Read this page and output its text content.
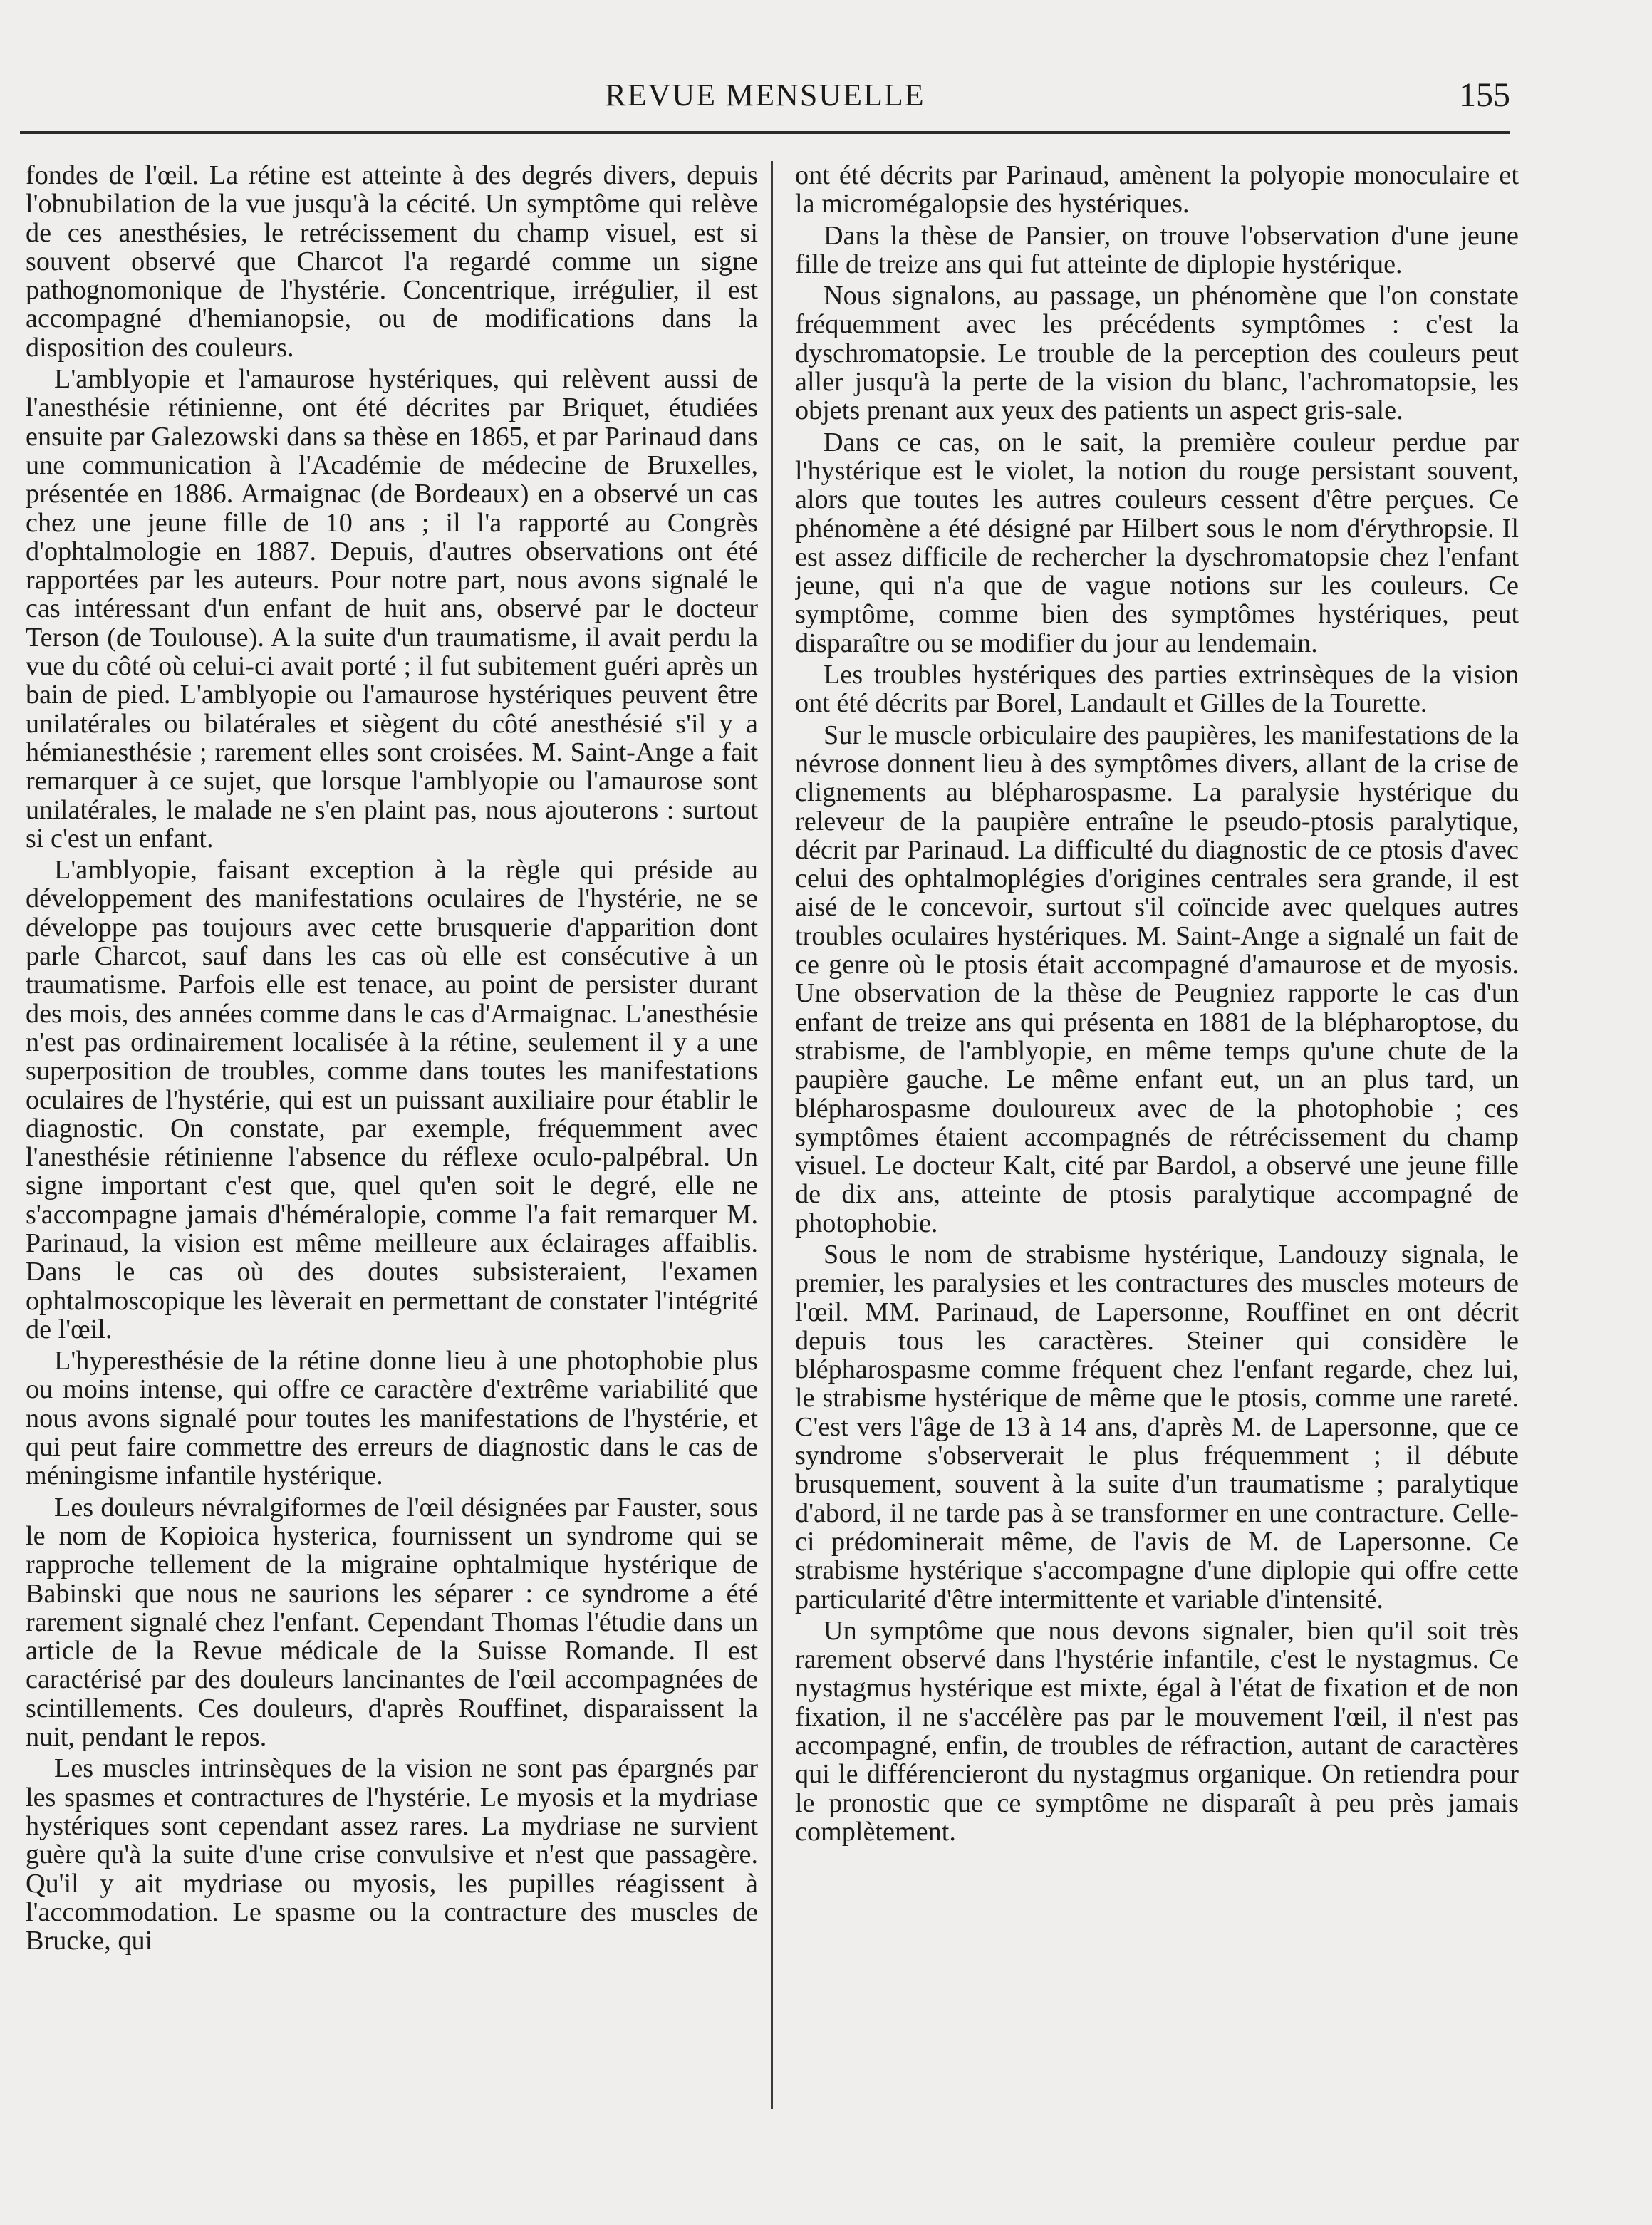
REVUE MENSUELLE	155

fondes de l'œil. La rétine est atteinte à des degrés divers, depuis l'obnubilation de la vue jusqu'à la cécité. Un symptôme qui relève de ces anesthésies, le retrécissement du champ visuel, est si souvent observé que Charcot l'a regardé comme un signe pathognomonique de l'hystérie. Concentrique, irrégulier, il est accompagné d'hemianopsie, ou de modifications dans la disposition des couleurs.

L'amblyopie et l'amaurose hystériques, qui relèvent aussi de l'anesthésie rétinienne, ont été décrites par Briquet, étudiées ensuite par Galezowski dans sa thèse en 1865, et par Parinaud dans une communication à l'Académie de médecine de Bruxelles, présentée en 1886. Armaignac (de Bordeaux) en a observé un cas chez une jeune fille de 10 ans ; il l'a rapporté au Congrès d'ophtalmologie en 1887. Depuis, d'autres observations ont été rapportées par les auteurs. Pour notre part, nous avons signalé le cas intéressant d'un enfant de huit ans, observé par le docteur Terson (de Toulouse). A la suite d'un traumatisme, il avait perdu la vue du côté où celui-ci avait porté ; il fut subitement guéri après un bain de pied. L'amblyopie ou l'amaurose hystériques peuvent être unilatérales ou bilatérales et siègent du côté anesthésié s'il y a hémianesthésie ; rarement elles sont croisées. M. Saint-Ange a fait remarquer à ce sujet, que lorsque l'amblyopie ou l'amaurose sont unilatérales, le malade ne s'en plaint pas, nous ajouterons : surtout si c'est un enfant.

L'amblyopie, faisant exception à la règle qui préside au développement des manifestations oculaires de l'hystérie, ne se développe pas toujours avec cette brusquerie d'apparition dont parle Charcot, sauf dans les cas où elle est consécutive à un traumatisme. Parfois elle est tenace, au point de persister durant des mois, des années comme dans le cas d'Armaignac. L'anesthésie n'est pas ordinairement localisée à la rétine, seulement il y a une superposition de troubles, comme dans toutes les manifestations oculaires de l'hystérie, qui est un puissant auxiliaire pour établir le diagnostic. On constate, par exemple, fréquemment avec l'anesthésie rétinienne l'absence du réflexe oculo-palpébral. Un signe important c'est que, quel qu'en soit le degré, elle ne s'accompagne jamais d'héméralopie, comme l'a fait remarquer M. Parinaud, la vision est même meilleure aux éclairages affaiblis. Dans le cas où des doutes subsisteraient, l'examen ophtalmoscopique les lèverait en permettant de constater l'intégrité de l'œil.

L'hyperesthésie de la rétine donne lieu à une photophobie plus ou moins intense, qui offre ce caractère d'extrême variabilité que nous avons signalé pour toutes les manifestations de l'hystérie, et qui peut faire commettre des erreurs de diagnostic dans le cas de méningisme infantile hystérique.

Les douleurs névralgiformes de l'œil désignées par Fauster, sous le nom de Kopioica hysterica, fournissent un syndrome qui se rapproche tellement de la migraine ophtalmique hystérique de Babinski que nous ne saurions les séparer : ce syndrome a été rarement signalé chez l'enfant. Cependant Thomas l'étudie dans un article de la Revue médicale de la Suisse Romande. Il est caractérisé par des douleurs lancinantes de l'œil accompagnées de scintillements. Ces douleurs, d'après Rouffinet, disparaissent la nuit, pendant le repos.

Les muscles intrinsèques de la vision ne sont pas épargnés par les spasmes et contractures de l'hystérie. Le myosis et la mydriase hystériques sont cependant assez rares. La mydriase ne survient guère qu'à la suite d'une crise convulsive et n'est que passagère. Qu'il y ait mydriase ou myosis, les pupilles réagissent à l'accommodation. Le spasme ou la contracture des muscles de Brucke, qui

ont été décrits par Parinaud, amènent la polyopie monoculaire et la micromégalopsie des hystériques.

Dans la thèse de Pansier, on trouve l'observation d'une jeune fille de treize ans qui fut atteinte de diplopie hystérique.

Nous signalons, au passage, un phénomène que l'on constate fréquemment avec les précédents symptômes : c'est la dyschromatopsie. Le trouble de la perception des couleurs peut aller jusqu'à la perte de la vision du blanc, l'achromatopsie, les objets prenant aux yeux des patients un aspect gris-sale.

Dans ce cas, on le sait, la première couleur perdue par l'hystérique est le violet, la notion du rouge persistant souvent, alors que toutes les autres couleurs cessent d'être perçues. Ce phénomène a été désigné par Hilbert sous le nom d'érythropsie. Il est assez difficile de rechercher la dyschromatopsie chez l'enfant jeune, qui n'a que de vague notions sur les couleurs. Ce symptôme, comme bien des symptômes hystériques, peut disparaître ou se modifier du jour au lendemain.

Les troubles hystériques des parties extrinsèques de la vision ont été décrits par Borel, Landault et Gilles de la Tourette.

Sur le muscle orbiculaire des paupières, les manifestations de la névrose donnent lieu à des symptômes divers, allant de la crise de clignements au blépharospasme. La paralysie hystérique du releveur de la paupière entraîne le pseudo-ptosis paralytique, décrit par Parinaud. La difficulté du diagnostic de ce ptosis d'avec celui des ophtalmoplégies d'origines centrales sera grande, il est aisé de le concevoir, surtout s'il coïncide avec quelques autres troubles oculaires hystériques. M. Saint-Ange a signalé un fait de ce genre où le ptosis était accompagné d'amaurose et de myosis. Une observation de la thèse de Peugniez rapporte le cas d'un enfant de treize ans qui présenta en 1881 de la blépharoptose, du strabisme, de l'amblyopie, en même temps qu'une chute de la paupière gauche. Le même enfant eut, un an plus tard, un blépharospasme douloureux avec de la photophobie ; ces symptômes étaient accompagnés de rétrécissement du champ visuel. Le docteur Kalt, cité par Bardol, a observé une jeune fille de dix ans, atteinte de ptosis paralytique accompagné de photophobie.

Sous le nom de strabisme hystérique, Landouzy signala, le premier, les paralysies et les contractures des muscles moteurs de l'œil. MM. Parinaud, de Lapersonne, Rouffinet en ont décrit depuis tous les caractères. Steiner qui considère le blépharospasme comme fréquent chez l'enfant regarde, chez lui, le strabisme hystérique de même que le ptosis, comme une rareté. C'est vers l'âge de 13 à 14 ans, d'après M. de Lapersonne, que ce syndrome s'observerait le plus fréquemment ; il débute brusquement, souvent à la suite d'un traumatisme ; paralytique d'abord, il ne tarde pas à se transformer en une contracture. Celle-ci prédominerait même, de l'avis de M. de Lapersonne. Ce strabisme hystérique s'accompagne d'une diplopie qui offre cette particularité d'être intermittente et variable d'intensité.

Un symptôme que nous devons signaler, bien qu'il soit très rarement observé dans l'hystérie infantile, c'est le nystagmus. Ce nystagmus hystérique est mixte, égal à l'état de fixation et de non fixation, il ne s'accélère pas par le mouvement l'œil, il n'est pas accompagné, enfin, de troubles de réfraction, autant de caractères qui le différencieront du nystagmus organique. On retiendra pour le pronostic que ce symptôme ne disparaît à peu près jamais complètement.
